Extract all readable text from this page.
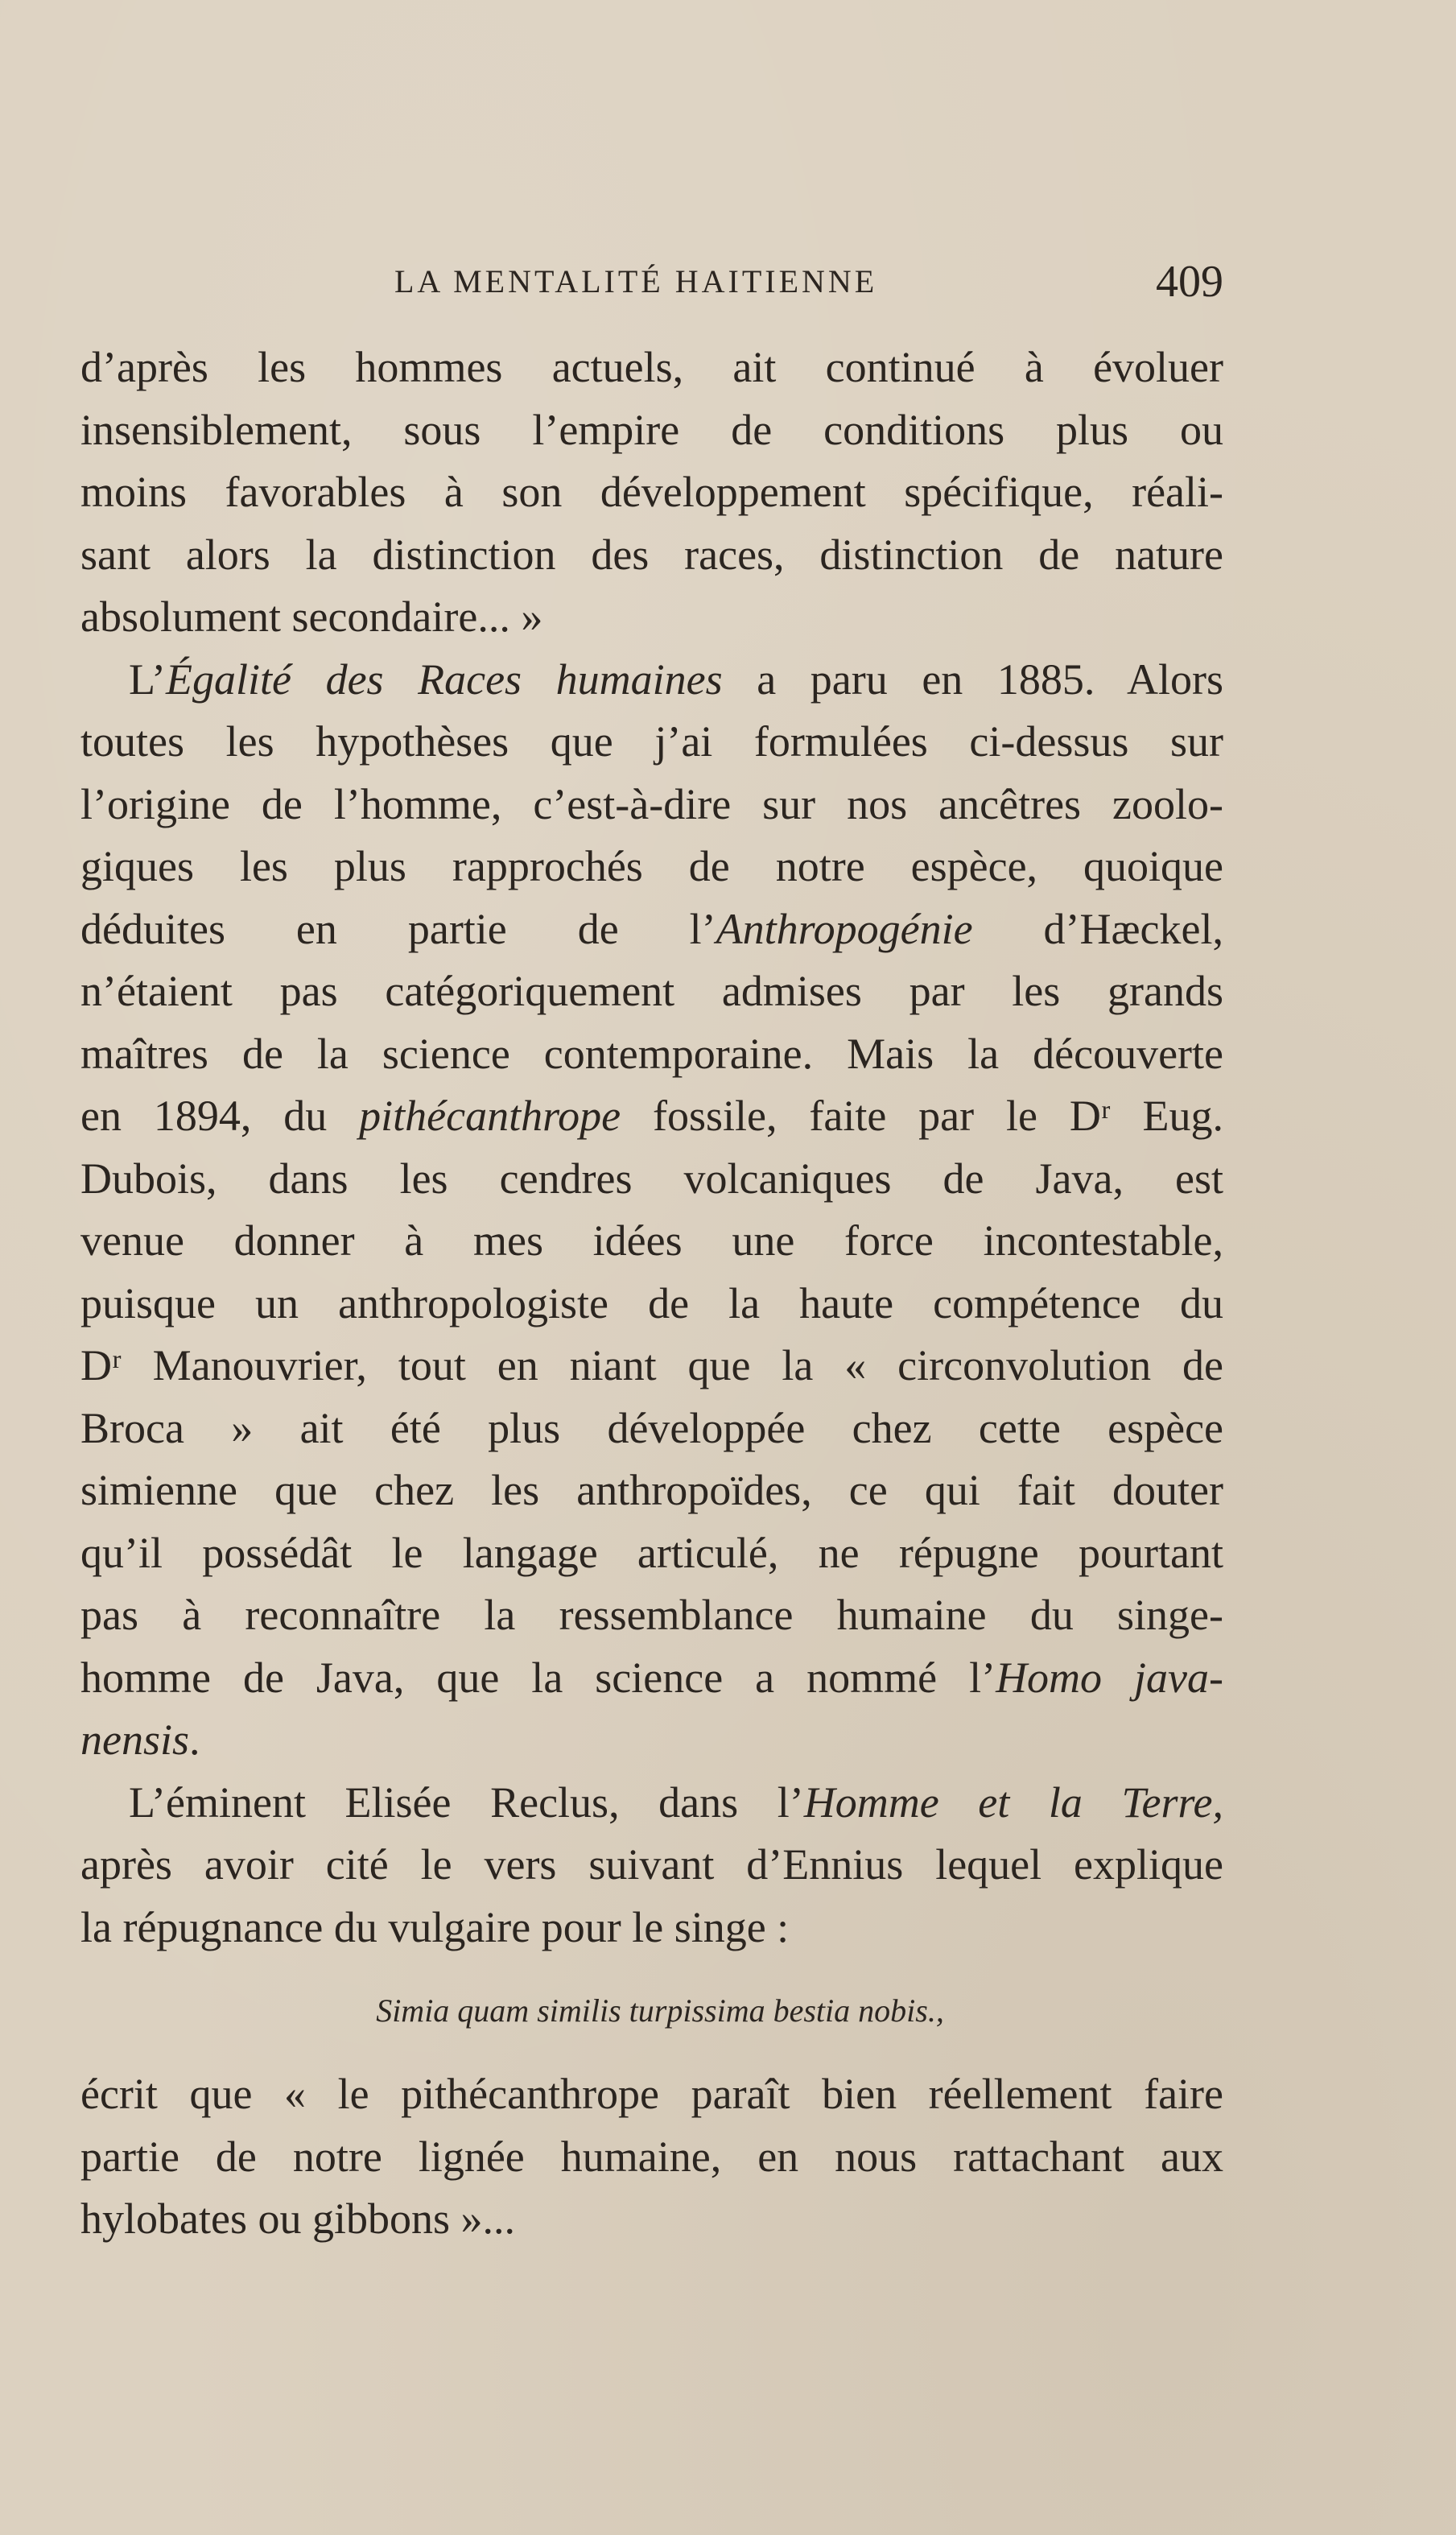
LA MENTALITÉ HAITIENNE	409
d’après les hommes actuels, ait continué à évoluer
insensiblement, sous l’empire de conditions plus ou
moins favorables à son développement spécifique, réali-
sant alors la distinction des races, distinction de nature
absolument secondaire... »
L’Égalité des Races humaines a paru en 1885. Alors
toutes les hypothèses que j’ai formulées ci-dessus sur
l’origine de l’homme, c’est-à-dire sur nos ancêtres zoolo-
giques les plus rapprochés de notre espèce, quoique
déduites en partie de l’Anthropogénie d’Hæckel,
n’étaient pas catégoriquement admises par les grands
maîtres de la science contemporaine. Mais la découverte
en 1894, du pithécanthrope fossile, faite par le Dʳ Eug.
Dubois, dans les cendres volcaniques de Java, est
venue donner à mes idées une force incontestable,
puisque un anthropologiste de la haute compétence du
Dʳ Manouvrier, tout en niant que la « circonvolution de
Broca » ait été plus développée chez cette espèce
simienne que chez les anthropoïdes, ce qui fait douter
qu’il possédât le langage articulé, ne répugne pourtant
pas à reconnaître la ressemblance humaine du singe-
homme de Java, que la science a nommé l’Homo java-
nensis.
L’éminent Elisée Reclus, dans l’Homme et la Terre,
après avoir cité le vers suivant d’Ennius lequel explique
la répugnance du vulgaire pour le singe :
Simia quam similis turpissima bestia nobis.,
écrit que « le pithécanthrope paraît bien réellement faire
partie de notre lignée humaine, en nous rattachant aux
hylobates ou gibbons »...
